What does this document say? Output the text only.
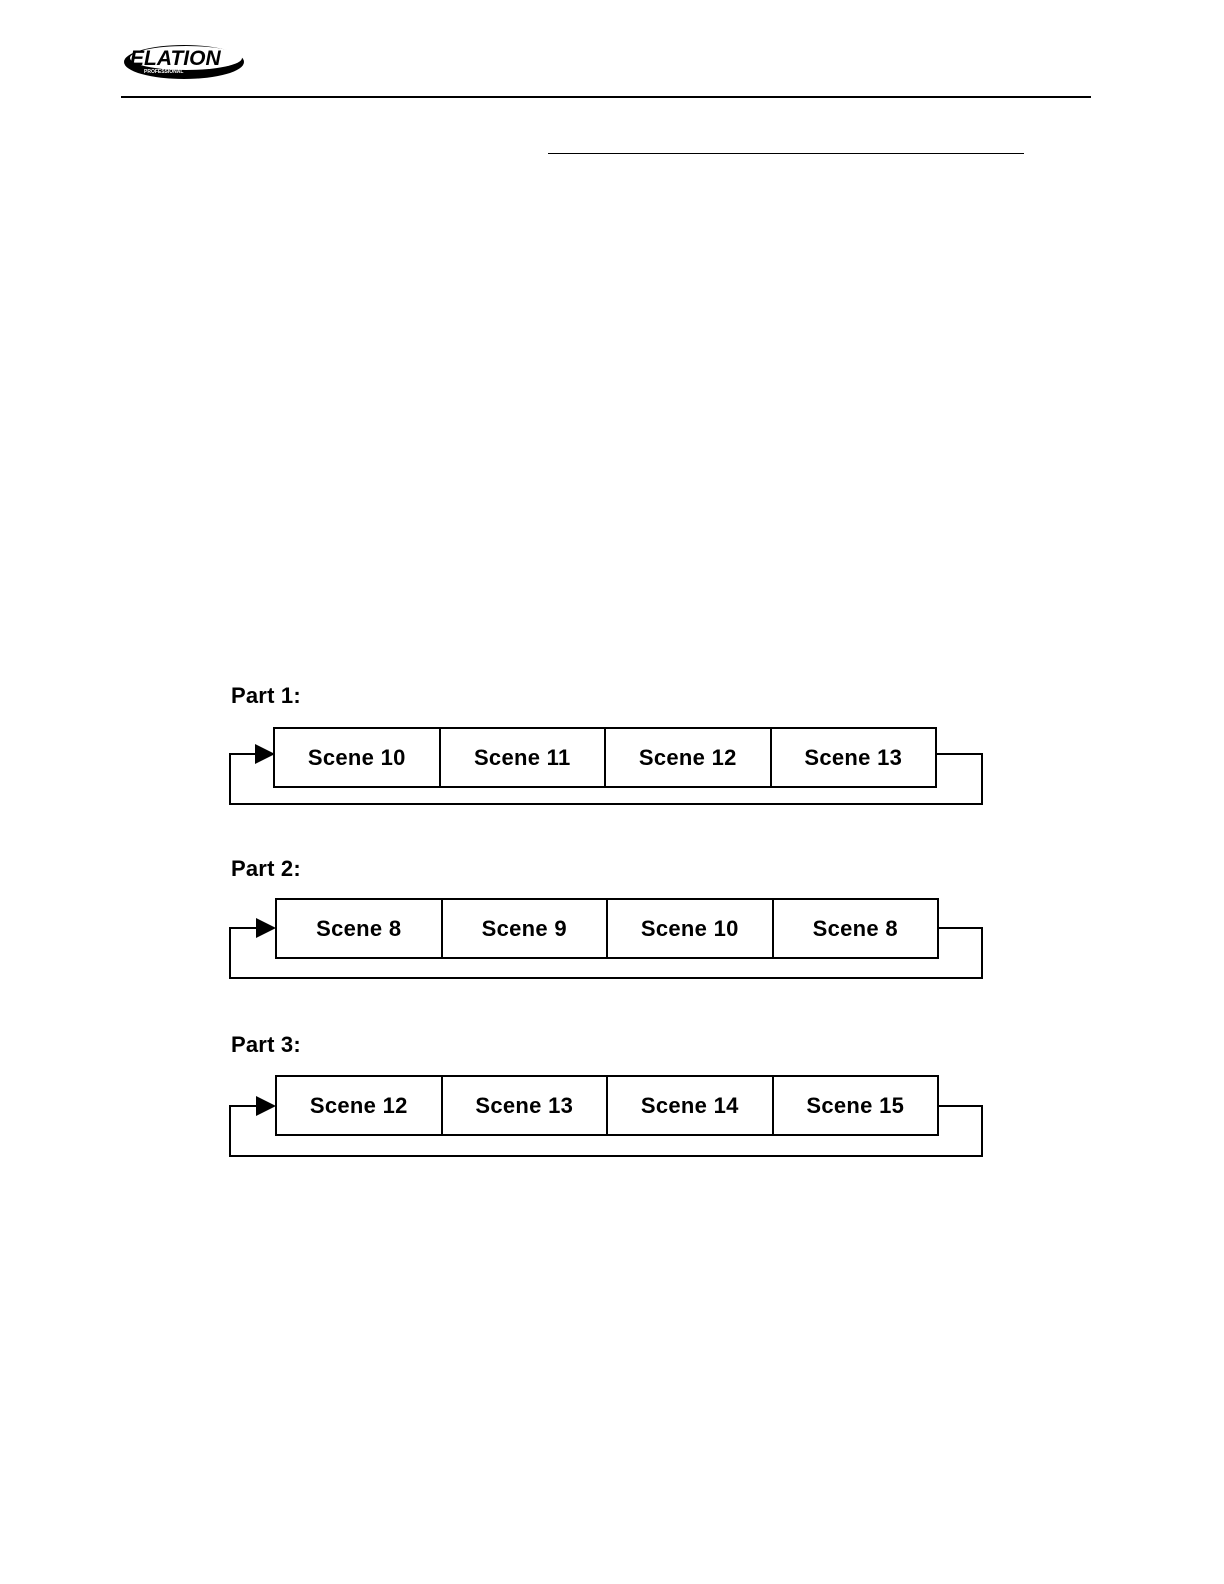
ELATION
PROFESSIONAL
Part 1:
Scene 10	Scene 11	Scene 12	Scene 13
Part 2:
Scene 8	Scene 9	Scene 10	Scene 8
Part 3:
Scene 12	Scene 13	Scene 14	Scene 15
